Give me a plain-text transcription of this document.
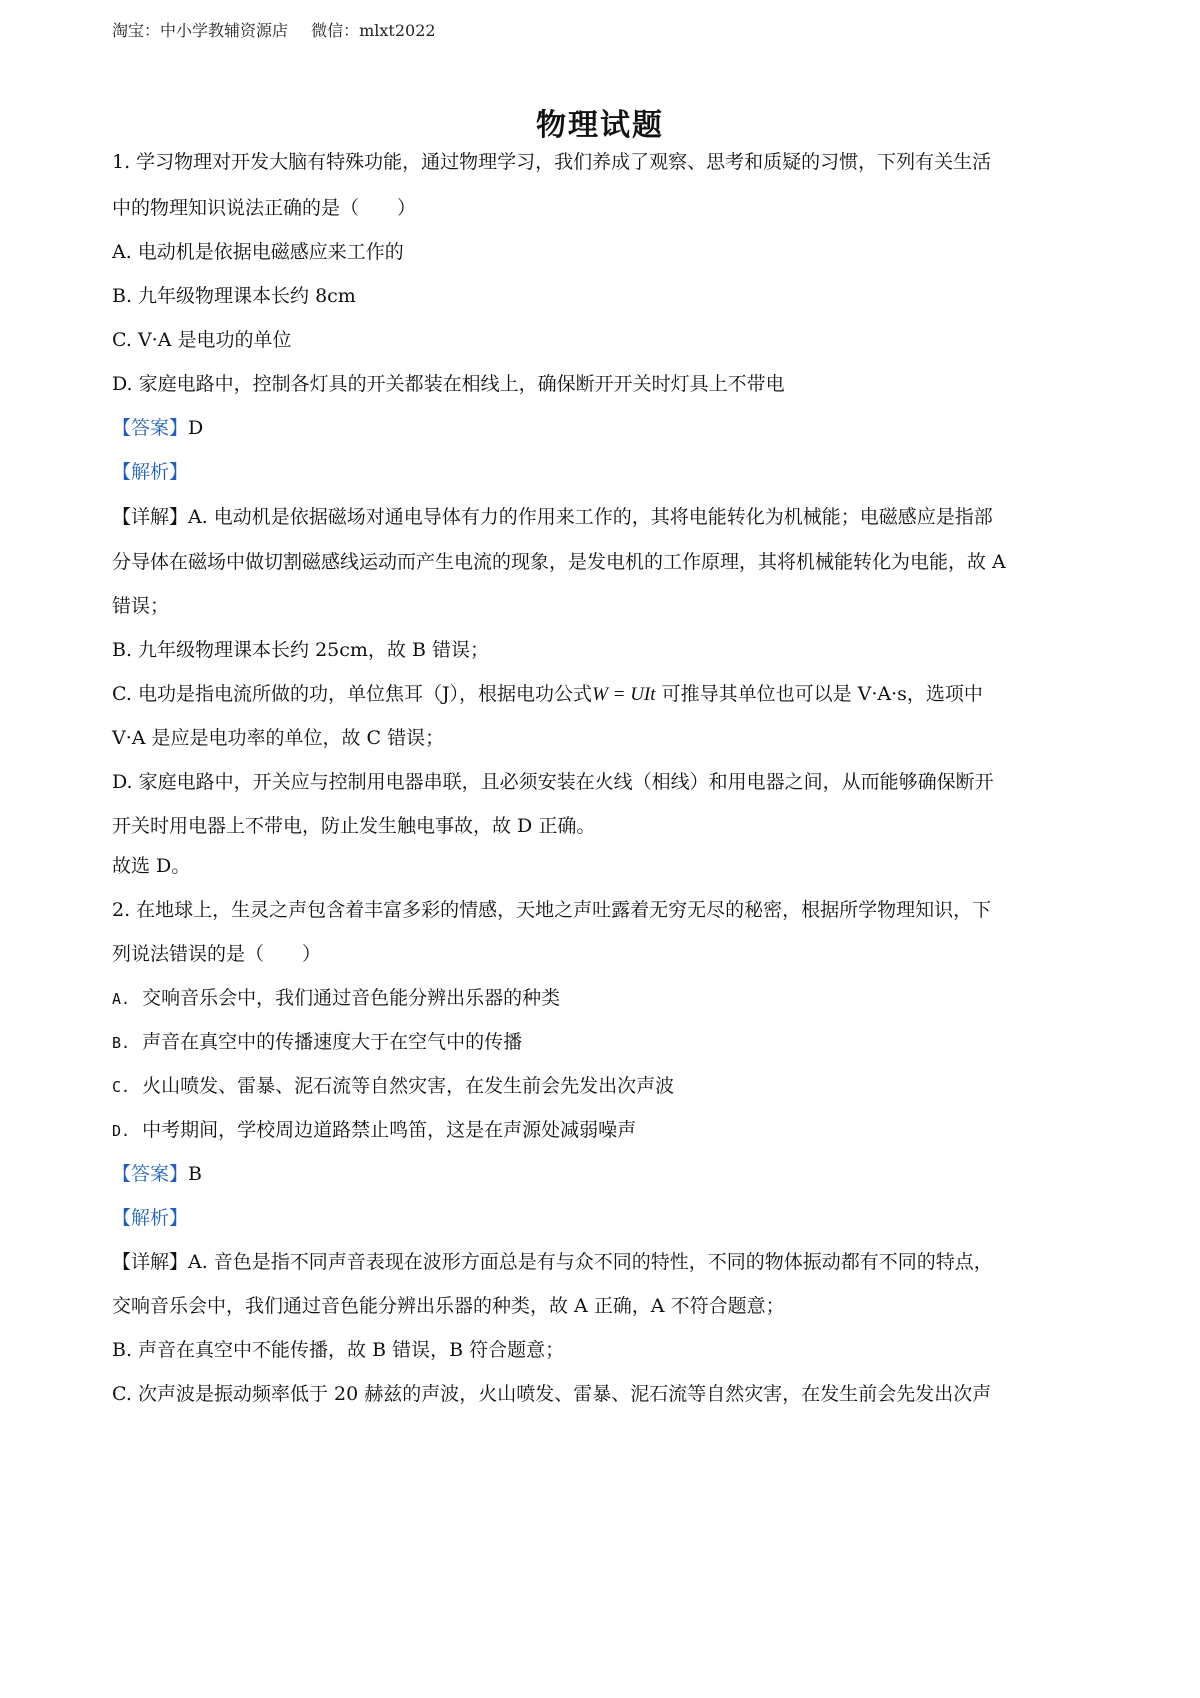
淘宝：中小学教辅资源店 微信：mlxt2022
物理试题
1. 学习物理对开发大脑有特殊功能，通过物理学习，我们养成了观察、思考和质疑的习惯，下列有关生活
中的物理知识说法正确的是（　　）
A. 电动机是依据电磁感应来工作的
B. 九年级物理课本长约 8cm
C. V·A 是电功的单位
D. 家庭电路中，控制各灯具的开关都装在相线上，确保断开开关时灯具上不带电
【答案】D
【解析】
【详解】A. 电动机是依据磁场对通电导体有力的作用来工作的，其将电能转化为机械能；电磁感应是指部
分导体在磁场中做切割磁感线运动而产生电流的现象，是发电机的工作原理，其将机械能转化为电能，故 A
错误；
B. 九年级物理课本长约 25cm，故 B 错误；
C. 电功是指电流所做的功，单位焦耳（J），根据电功公式W = UIt 可推导其单位也可以是 V·A·s，选项中
V·A 是应是电功率的单位，故 C 错误；
D. 家庭电路中，开关应与控制用电器串联，且必须安装在火线（相线）和用电器之间，从而能够确保断开
开关时用电器上不带电，防止发生触电事故，故 D 正确。
故选 D。
2. 在地球上，生灵之声包含着丰富多彩的情感，天地之声吐露着无穷无尽的秘密，根据所学物理知识，下
列说法错误的是（　　）
A. 交响音乐会中，我们通过音色能分辨出乐器的种类
B. 声音在真空中的传播速度大于在空气中的传播
C. 火山喷发、雷暴、泥石流等自然灾害，在发生前会先发出次声波
D. 中考期间，学校周边道路禁止鸣笛，这是在声源处减弱噪声
【答案】B
【解析】
【详解】A. 音色是指不同声音表现在波形方面总是有与众不同的特性，不同的物体振动都有不同的特点，
交响音乐会中，我们通过音色能分辨出乐器的种类，故 A 正确，A 不符合题意；
B. 声音在真空中不能传播，故 B 错误，B 符合题意；
C. 次声波是振动频率低于 20 赫兹的声波，火山喷发、雷暴、泥石流等自然灾害，在发生前会先发出次声
